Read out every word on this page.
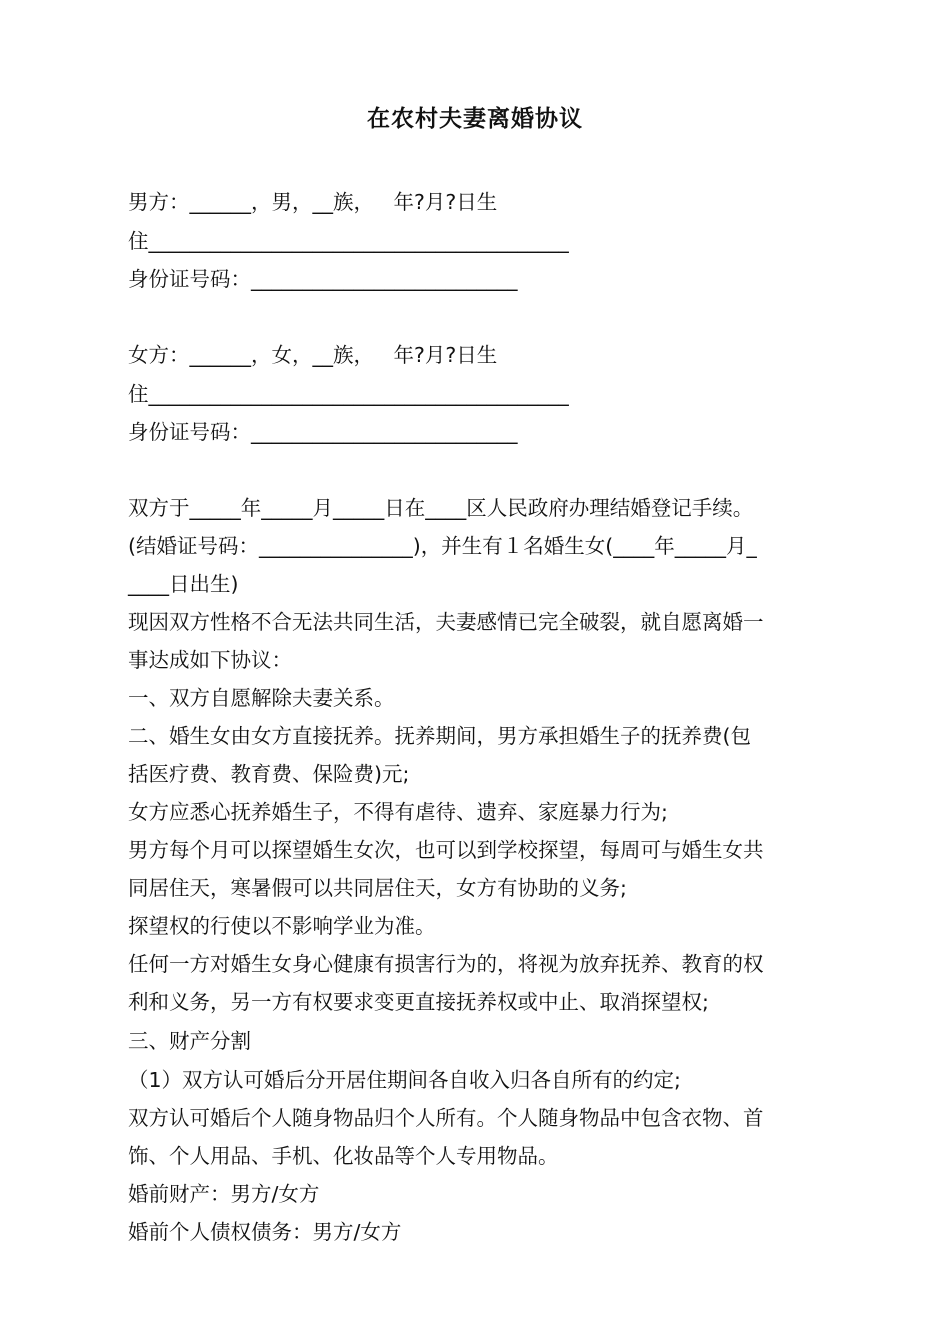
在农村夫妻离婚协议
男方：______，男，__族，   年?月?日生
住_________________________________________
身份证号码：__________________________
女方：______，女，__族，   年?月?日生
住_________________________________________
身份证号码：__________________________
双方于_____年_____月_____日在____区人民政府办理结婚登记手续。
(结婚证号码：_______________)，并生有１名婚生女(____年_____月_
____日出生)
现因双方性格不合无法共同生活，夫妻感情已完全破裂，就自愿离婚一
事达成如下协议：
一、双方自愿解除夫妻关系。
二、婚生女由女方直接抚养。抚养期间，男方承担婚生子的抚养费(包
括医疗费、教育费、保险费)元;
女方应悉心抚养婚生子，不得有虐待、遗弃、家庭暴力行为;
男方每个月可以探望婚生女次，也可以到学校探望，每周可与婚生女共
同居住天，寒暑假可以共同居住天，女方有协助的义务;
探望权的行使以不影响学业为准。
任何一方对婚生女身心健康有损害行为的，将视为放弃抚养、教育的权
利和义务，另一方有权要求变更直接抚养权或中止、取消探望权;
三、财产分割
（1）双方认可婚后分开居住期间各自收入归各自所有的约定;
双方认可婚后个人随身物品归个人所有。个人随身物品中包含衣物、首
饰、个人用品、手机、化妆品等个人专用物品。
婚前财产：男方/女方
婚前个人债权债务：男方/女方
